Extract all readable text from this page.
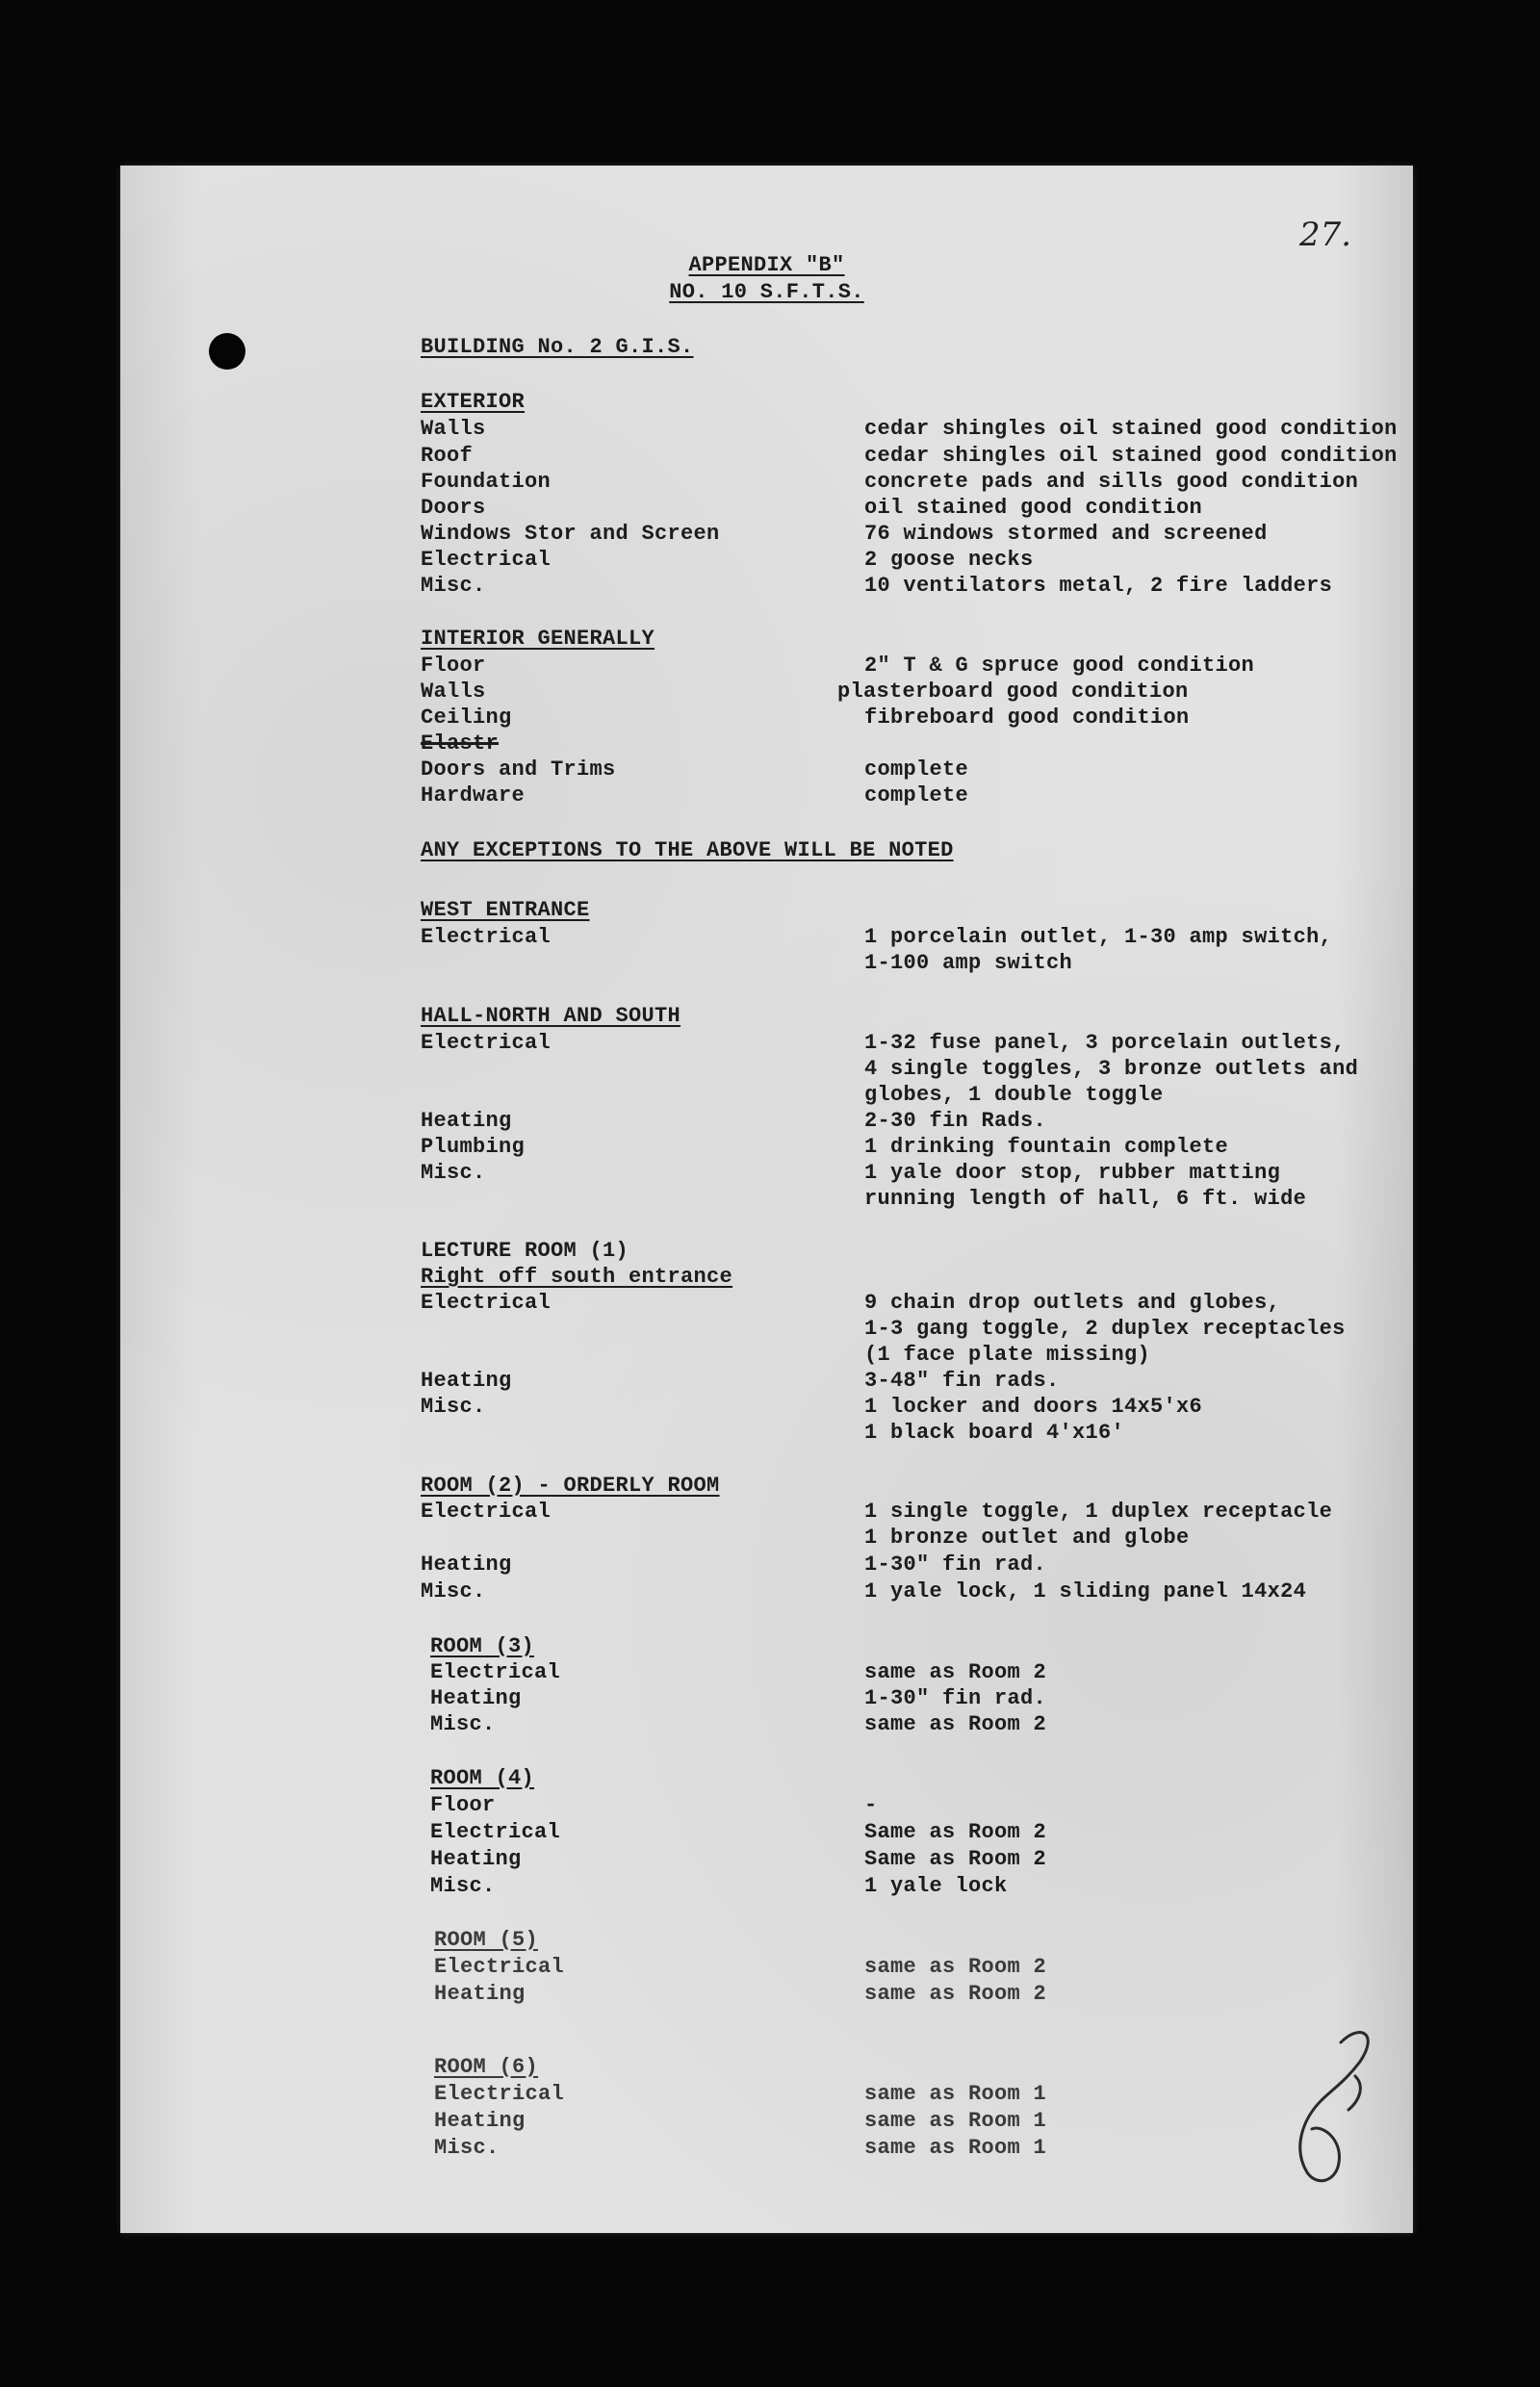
27.
APPENDIX "B"
NO. 10 S.F.T.S.
BUILDING No. 2 G.I.S.
EXTERIOR
Walls	cedar shingles oil stained good condition
Roof	cedar shingles oil stained good condition
Foundation	concrete pads and sills good condition
Doors	oil stained good condition
Windows Stor and Screen	76 windows stormed and screened
Electrical	2 goose necks
Misc.	10 ventilators metal, 2 fire ladders
INTERIOR GENERALLY
Floor	2" T & G spruce good condition
Walls	plasterboard good condition
Ceiling	fibreboard good condition
Elastr
Doors and Trims	complete
Hardware	complete
ANY EXCEPTIONS TO THE ABOVE WILL BE NOTED
WEST ENTRANCE
Electrical	1 porcelain outlet, 1-30 amp switch,
1-100 amp switch
HALL-NORTH AND SOUTH
Electrical	1-32 fuse panel, 3 porcelain outlets,
4 single toggles, 3 bronze outlets and
globes, 1 double toggle
Heating	2-30 fin Rads.
Plumbing	1 drinking fountain complete
Misc.	1 yale door stop, rubber matting
running length of hall, 6 ft. wide
LECTURE ROOM (1)
Right off south entrance
Electrical	9 chain drop outlets and globes,
1-3 gang toggle, 2 duplex receptacles
(1 face plate missing)
Heating	3-48" fin rads.
Misc.	1 locker and doors 14x5'x6
1 black board 4'x16'
ROOM (2) - ORDERLY ROOM
Electrical	1 single toggle, 1 duplex receptacle
1 bronze outlet and globe
Heating	1-30" fin rad.
Misc.	1 yale lock, 1 sliding panel 14x24
ROOM (3)
Electrical	same as Room 2
Heating	1-30" fin rad.
Misc.	same as Room 2
ROOM (4)
Floor	-
Electrical	Same as Room 2
Heating	Same as Room 2
Misc.	1 yale lock
ROOM (5)
Electrical	same as Room 2
Heating	same as Room 2
ROOM (6)
Electrical	same as Room 1
Heating	same as Room 1
Misc.	same as Room 1
